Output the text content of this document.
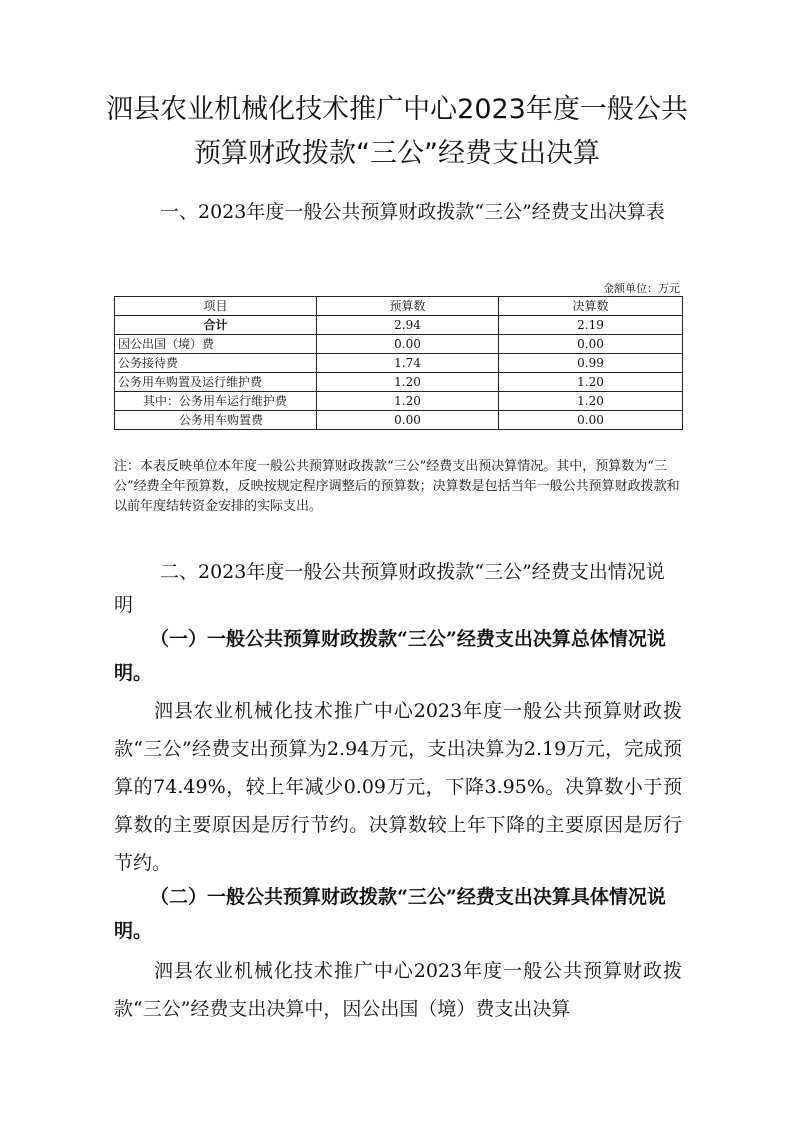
泗县农业机械化技术推广中心2023年度一般公共预算财政拨款“三公”经费支出决算
一、2023年度一般公共预算财政拨款“三公”经费支出决算表
金额单位：万元
项目	预算数	决算数
合计	2.94	2.19
因公出国（境）费	0.00	0.00
公务接待费	1.74	0.99
公务用车购置及运行维护费	1.20	1.20
其中：公务用车运行维护费	1.20	1.20
公务用车购置费	0.00	0.00
注：本表反映单位本年度一般公共预算财政拨款“三公”经费支出预决算情况。其中，预算数为“三公”经费全年预算数，反映按规定程序调整后的预算数；决算数是包括当年一般公共预算财政拨款和以前年度结转资金安排的实际支出。
二、2023年度一般公共预算财政拨款“三公”经费支出情况说明
（一）一般公共预算财政拨款“三公”经费支出决算总体情况说明。
泗县农业机械化技术推广中心2023年度一般公共预算财政拨款“三公”经费支出预算为2.94万元，支出决算为2.19万元，完成预算的74.49%，较上年减少0.09万元，下降3.95%。决算数小于预算数的主要原因是厉行节约。决算数较上年下降的主要原因是厉行节约。
（二）一般公共预算财政拨款“三公”经费支出决算具体情况说明。
泗县农业机械化技术推广中心2023年度一般公共预算财政拨款“三公”经费支出决算中，因公出国（境）费支出决算
